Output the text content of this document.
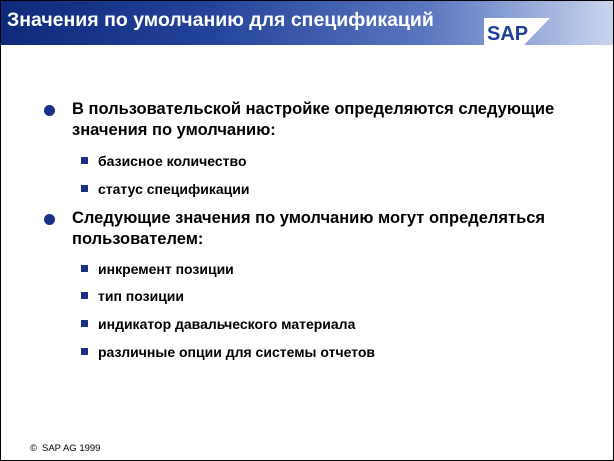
Значения по умолчанию для спецификаций
SAP
В пользовательской настройке определяются следующие значения по умолчанию:
базисное количество
статус спецификации
Следующие значения по умолчанию могут определяться пользователем:
инкремент позиции
тип позиции
индикатор давальческого материала
различные опции для системы отчетов
© SAP AG 1999
